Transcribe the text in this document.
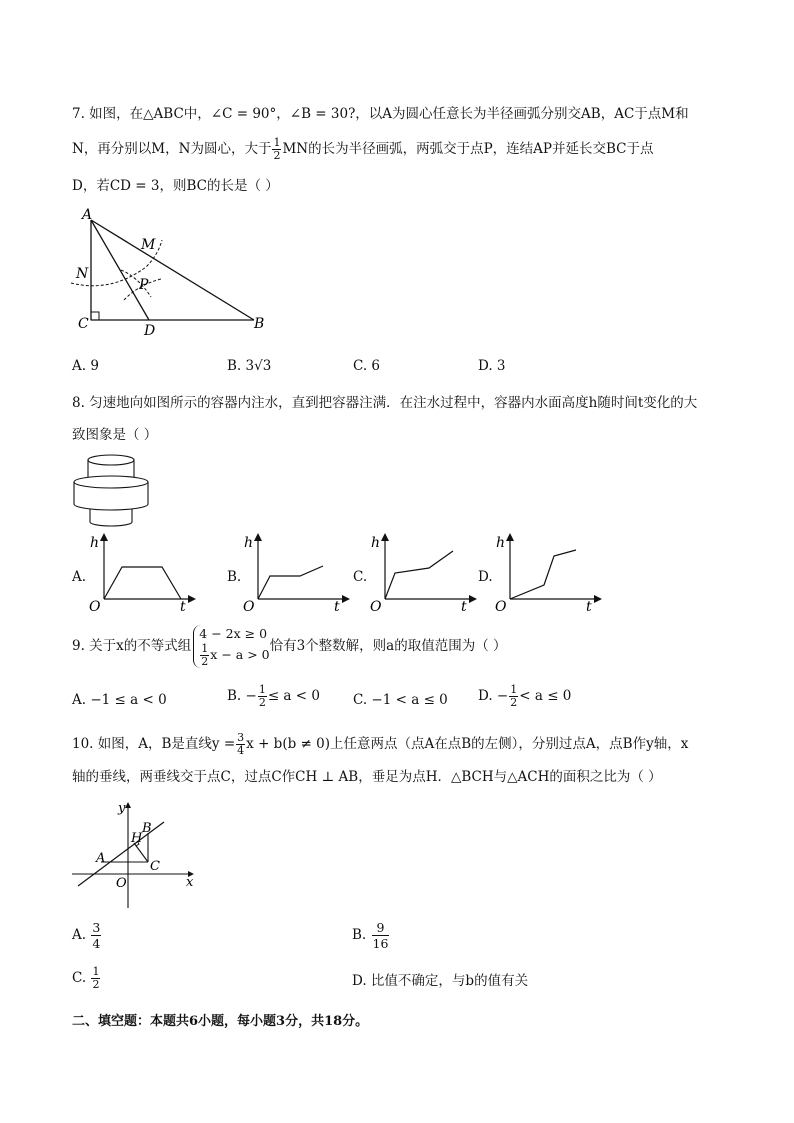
7. 如图，在△ABC中，∠C = 90°，∠B = 30?，以A为圆心任意长为半径画弧分别交AB，AC于点M和
N，再分别以M，N为圆心，大于 $\frac{1}{2}$ MN的长为半径画弧，两弧交于点P，连结AP并延长交BC于点
D，若CD = 3，则BC的长是（ ）
A
M
N
P
C	D	B
A. 9	B. 3√3	C. 6	D. 3
8. 匀速地向如图所示的容器内注水，直到把容器注满．在注水过程中，容器内水面高度h随时间t变化的大
致图象是（ ）
A.
h
O	t
B.
h
O	t
C.
h
O	t
D.
h
O	t
9. 关于x的不等式组
4 − 2x ≥ 0
$\frac{1}{2}$ x − a > 0
恰有3个整数解，则a的取值范围为（ ）
A. −1 ≤ a < 0	B. − $\frac{1}{2} \le a < 0$ C. −1 < a ≤ 0 D. − $\frac{1}{2} < a \le 0$
10. 如图，A，B是直线$y = \frac{3}{4}$ x + b(b ≠ 0)上任意两点（点A在点B的左侧），分别过点A，点B作y轴，x
轴的垂线，两垂线交于点C，过点C作CH ⊥ AB，垂足为点H．△BCH与△ACH的面积之比为（ ）
y
x
O
A
B
C
H
A. $\frac{3}{4}$	B. $\frac{9}{16}$
C. $\frac{1}{2}$	D. 比值不确定，与b的值有关
二、填空题：本题共6小题，每小题3分，共18分。
